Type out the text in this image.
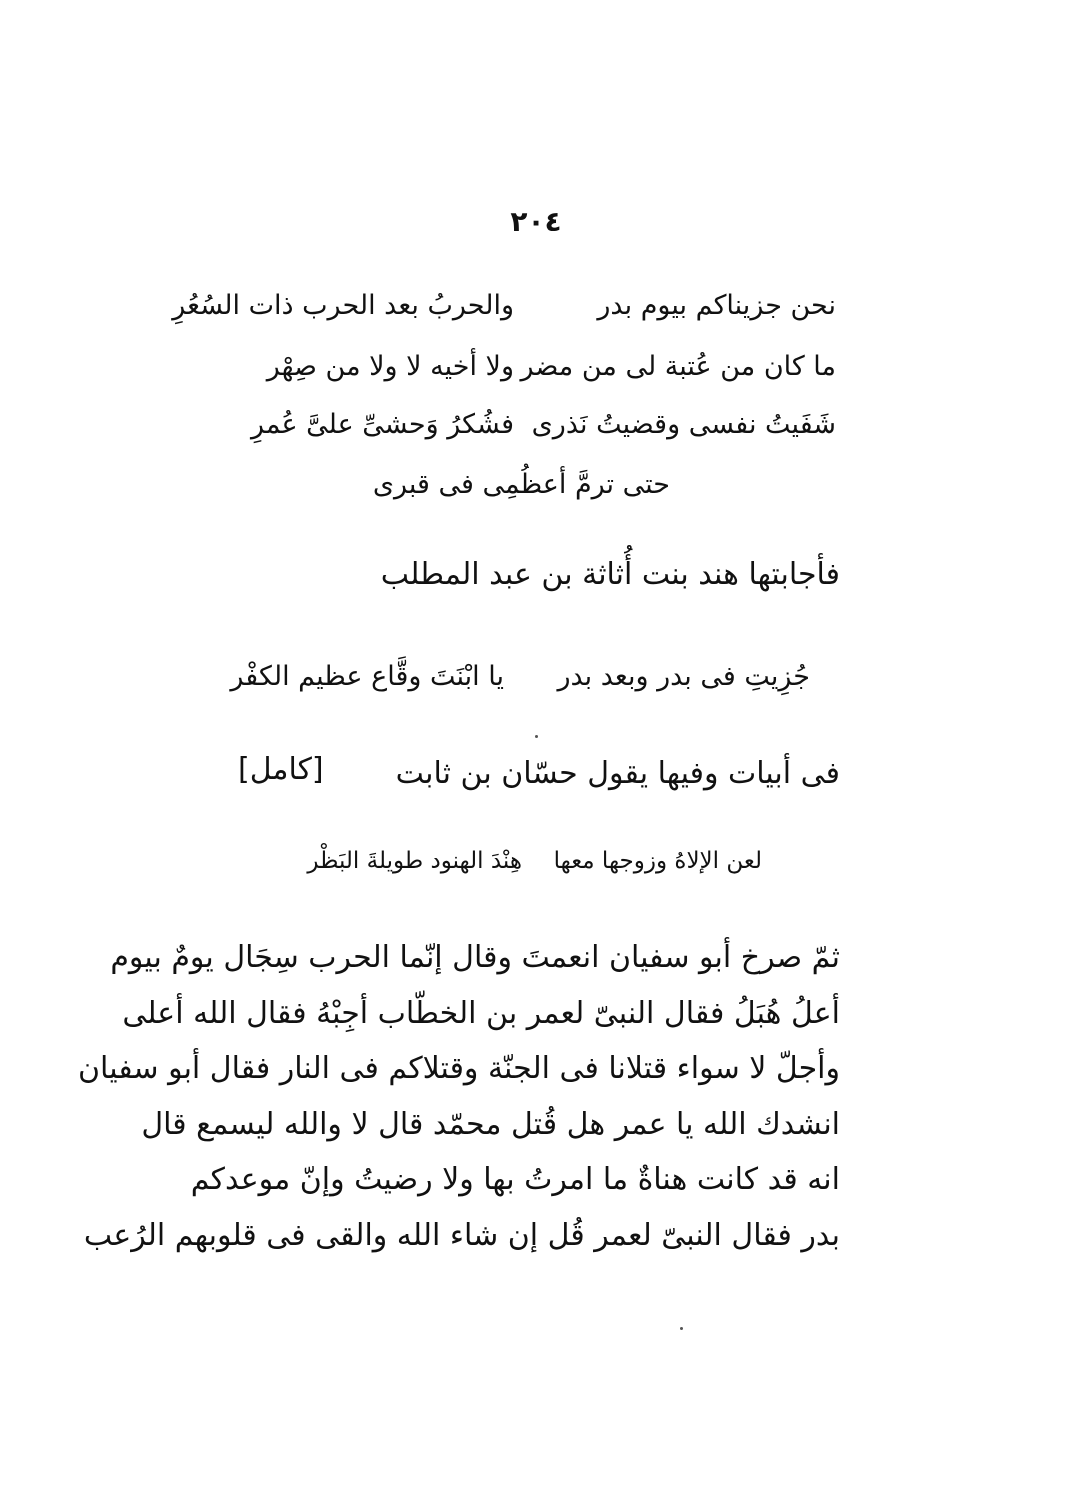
٢٠٤
نحن جزيناكم بيوم بدروالحربُ بعد الحرب ذات السُعُرِ
ما كان من عُتبة لى من مضرولا أخيه لا ولا من صِهْر
شَفَيتُ نفسى وقضيتُ نَذرىفشُكرُ وَحشىِّ علىَّ عُمرِ
حتى ترمَّ أعظُمِى فى قبرى
فأجابتها هند بنت أُثاثة بن عبد المطلب
جُزِيتِ فى بدر وبعد بدريا ابْنَتَ وقَّاع عظيم الكفْر
فى أبيات وفيها يقول حسّان بن ثابت
[كامل]
لعن الإلاهُ وزوجها معهاهِنْدَ الهنود طويلةَ البَظْر
ثمّ صرخ أبو سفيان انعمتَ وقال إنّما الحرب سِجَال يومٌ بيوم
أعلُ هُبَلُ فقال النبىّ لعمر بن الخطّاب أجِبْهُ فقال الله أعلى
وأجلّ لا سواء قتلانا فى الجنّة وقتلاكم فى النار فقال أبو سفيان
انشدك الله يا عمر هل قُتل محمّد قال لا والله ليسمع قال
انه قد كانت هناةٌ ما امرتُ بها ولا رضيتُ وإنّ موعدكم
بدر فقال النبىّ لعمر قُل إن شاء الله والقى فى قلوبهم الرُعب
